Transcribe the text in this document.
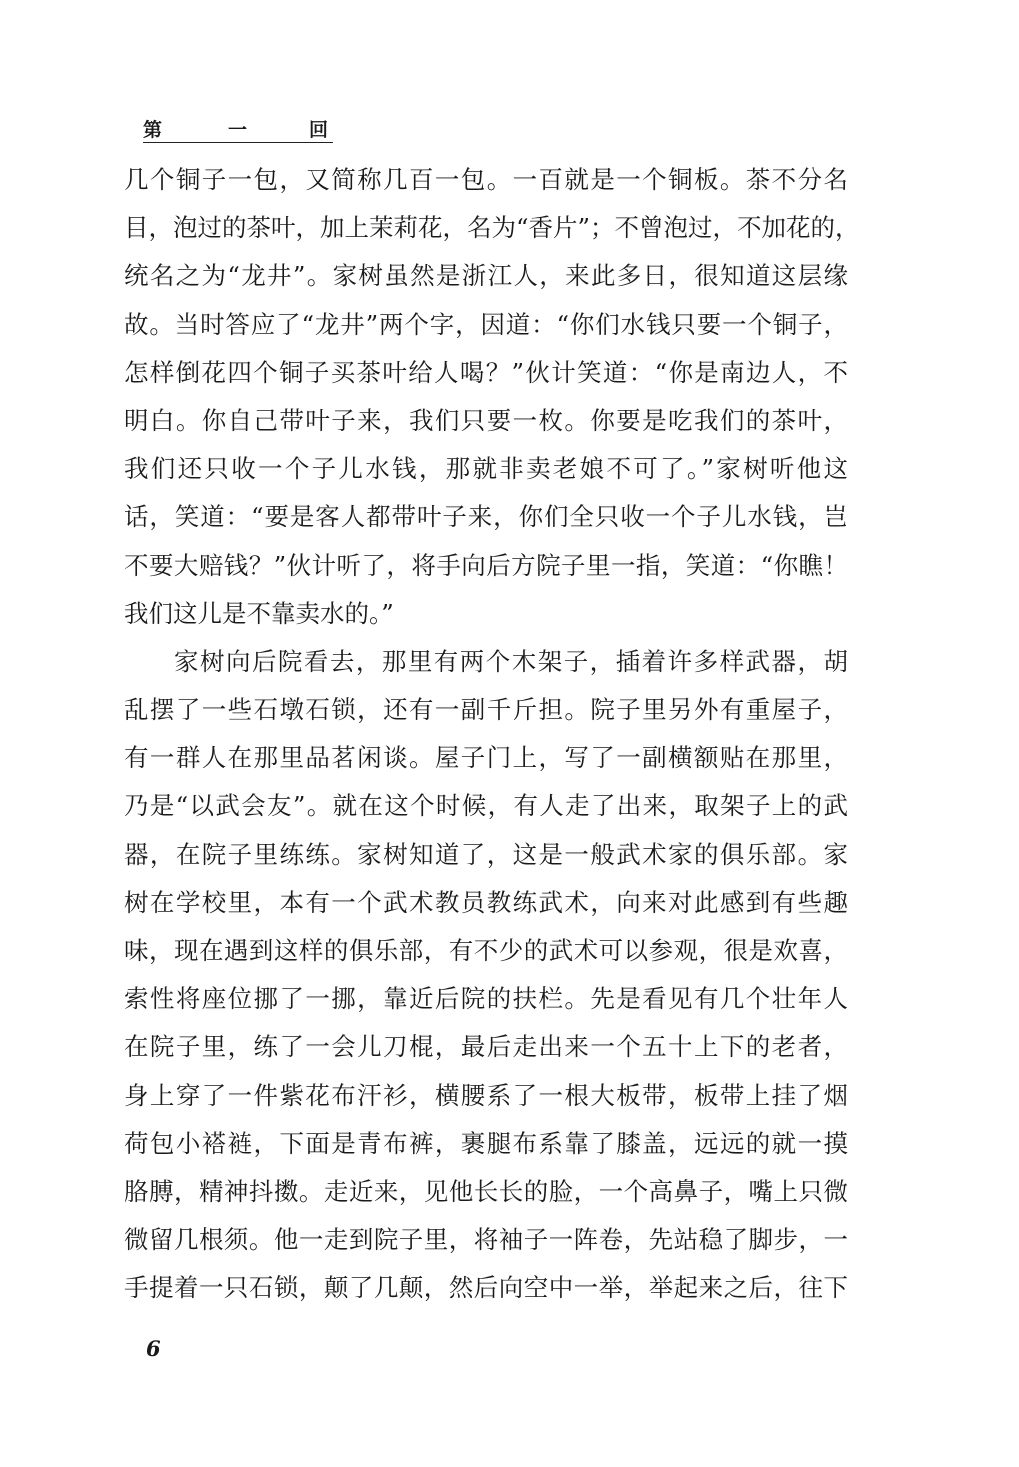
第	一	回
几个铜子一包，又简称几百一包。一百就是一个铜板。茶不分名
目，泡过的茶叶，加上茉莉花，名为“香片”；不曾泡过，不加花的，
统名之为“龙井”。家树虽然是浙江人，来此多日，很知道这层缘
故。当时答应了“龙井”两个字，因道：“你们水钱只要一个铜子，
怎样倒花四个铜子买茶叶给人喝？”伙计笑道：“你是南边人，不
明白。你自己带叶子来，我们只要一枚。你要是吃我们的茶叶，
我们还只收一个子儿水钱，那就非卖老娘不可了。”家树听他这
话，笑道：“要是客人都带叶子来，你们全只收一个子儿水钱，岂
不要大赔钱？”伙计听了，将手向后方院子里一指，笑道：“你瞧！
我们这儿是不靠卖水的。”
家树向后院看去，那里有两个木架子，插着许多样武器，胡
乱摆了一些石墩石锁，还有一副千斤担。院子里另外有重屋子，
有一群人在那里品茗闲谈。屋子门上，写了一副横额贴在那里，
乃是“以武会友”。就在这个时候，有人走了出来，取架子上的武
器，在院子里练练。家树知道了，这是一般武术家的俱乐部。家
树在学校里，本有一个武术教员教练武术，向来对此感到有些趣
味，现在遇到这样的俱乐部，有不少的武术可以参观，很是欢喜，
索性将座位挪了一挪，靠近后院的扶栏。先是看见有几个壮年人
在院子里，练了一会儿刀棍，最后走出来一个五十上下的老者，
身上穿了一件紫花布汗衫，横腰系了一根大板带，板带上挂了烟
荷包小褡裢，下面是青布裤，裹腿布系靠了膝盖，远远的就一摸
胳膊，精神抖擞。走近来，见他长长的脸，一个高鼻子，嘴上只微
微留几根须。他一走到院子里，将袖子一阵卷，先站稳了脚步，一
手提着一只石锁，颠了几颠，然后向空中一举，举起来之后，往下
6
